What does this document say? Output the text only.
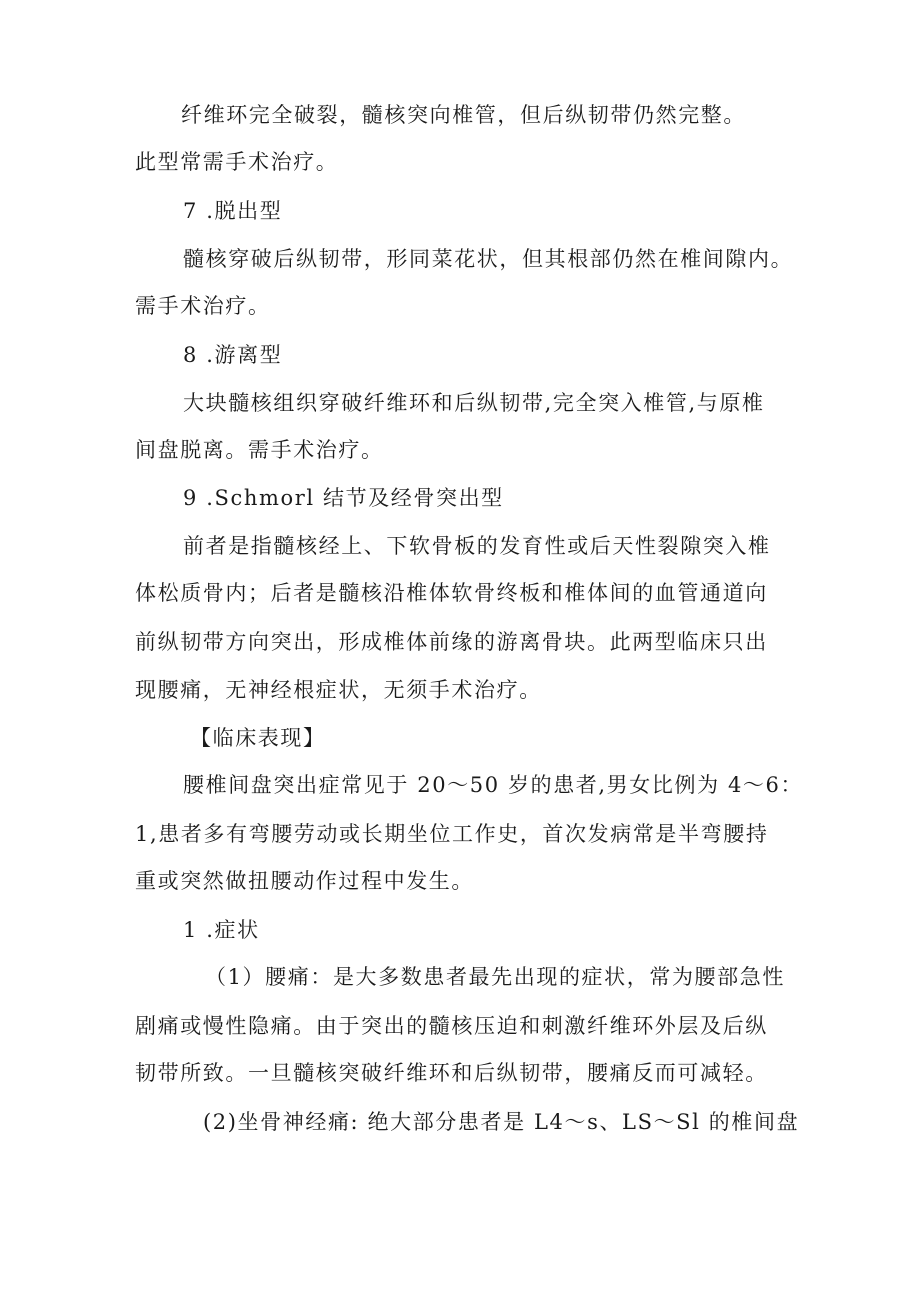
纤维环完全破裂，髓核突向椎管，但后纵韧带仍然完整。
此型常需手术治疗。
7 .脱出型
髓核穿破后纵韧带，形同菜花状，但其根部仍然在椎间隙内。
需手术治疗。
8 .游离型
大块髓核组织穿破纤维环和后纵韧带,完全突入椎管,与原椎
间盘脱离。需手术治疗。
9 .Schmorl 结节及经骨突出型
前者是指髓核经上、下软骨板的发育性或后天性裂隙突入椎
体松质骨内；后者是髓核沿椎体软骨终板和椎体间的血管通道向
前纵韧带方向突出，形成椎体前缘的游离骨块。此两型临床只出
现腰痛，无神经根症状，无须手术治疗。
【临床表现】
腰椎间盘突出症常见于 20～50 岁的患者,男女比例为 4～6：
1,患者多有弯腰劳动或长期坐位工作史，首次发病常是半弯腰持
重或突然做扭腰动作过程中发生。
1 .症状
（1）腰痛：是大多数患者最先出现的症状，常为腰部急性
剧痛或慢性隐痛。由于突出的髓核压迫和刺激纤维环外层及后纵
韧带所致。一旦髓核突破纤维环和后纵韧带，腰痛反而可减轻。
(2)坐骨神经痛: 绝大部分患者是 L4～s、LS～Sl 的椎间盘
